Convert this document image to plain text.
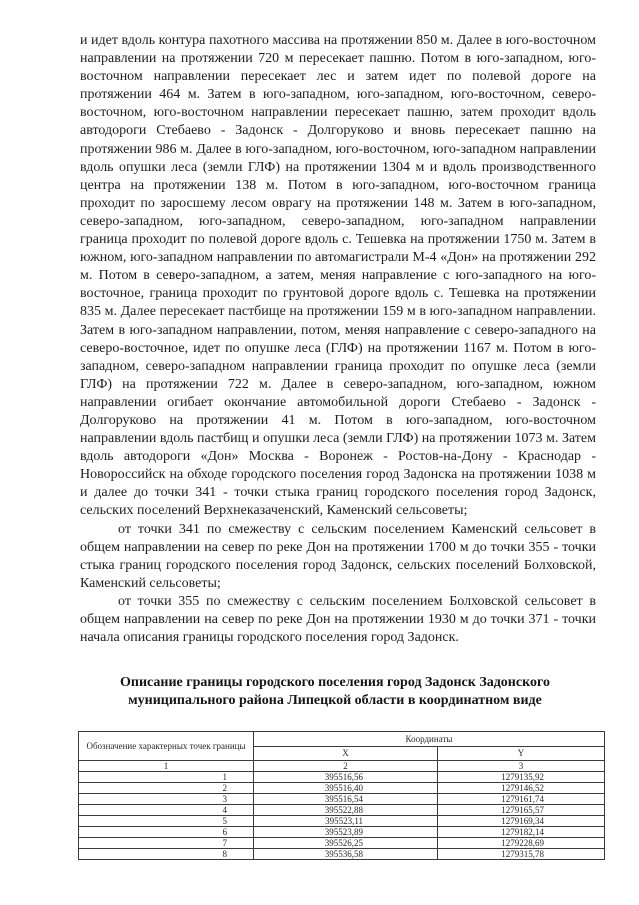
и идет вдоль контура пахотного массива на протяжении 850 м. Далее в юго-восточном направлении на протяжении 720 м пересекает пашню. Потом в юго-западном, юго-восточном направлении пересекает лес и затем идет по полевой дороге на протяжении 464 м. Затем в юго-западном, юго-западном, юго-восточном, северо-восточном, юго-восточном направлении пересекает пашню, затем проходит вдоль автодороги Стебаево - Задонск - Долгоруково и вновь пересекает пашню на протяжении 986 м. Далее в юго-западном, юго-восточном, юго-западном направлении вдоль опушки леса (земли ГЛФ) на протяжении 1304 м и вдоль производственного центра на протяжении 138 м. Потом в юго-западном, юго-восточном граница проходит по заросшему лесом оврагу на протяжении 148 м. Затем в юго-западном, северо-западном, юго-западном, северо-западном, юго-западном направлении граница проходит по полевой дороге вдоль с. Тешевка на протяжении 1750 м. Затем в южном, юго-западном направлении по автомагистрали М-4 «Дон» на протяжении 292 м. Потом в северо-западном, а затем, меняя направление с юго-западного на юго-восточное, граница проходит по грунтовой дороге вдоль с. Тешевка на протяжении 835 м. Далее пересекает пастбище на протяжении 159 м в юго-западном направлении. Затем в юго-западном направлении, потом, меняя направление с северо-западного на северо-восточное, идет по опушке леса (ГЛФ) на протяжении 1167 м. Потом в юго-западном, северо-западном направлении граница проходит по опушке леса (земли ГЛФ) на протяжении 722 м. Далее в северо-западном, юго-западном, южном направлении огибает окончание автомобильной дороги Стебаево - Задонск - Долгоруково на протяжении 41 м. Потом в юго-западном, юго-восточном направлении вдоль пастбищ и опушки леса (земли ГЛФ) на протяжении 1073 м. Затем вдоль автодороги «Дон» Москва - Воронеж - Ростов-на-Дону - Краснодар - Новороссийск на обходе городского поселения город Задонска на протяжении 1038 м и далее до точки 341 - точки стыка границ городского поселения город Задонск, сельских поселений Верхнеказаченский, Каменский сельсоветы;

от точки 341 по смежеству с сельским поселением Каменский сельсовет в общем направлении на север по реке Дон на протяжении 1700 м до точки 355 - точки стыка границ городского поселения город Задонск, сельских поселений Болховской, Каменский сельсоветы;

от точки 355 по смежеству с сельским поселением Болховской сельсовет в общем направлении на север по реке Дон на протяжении 1930 м до точки 371 - точки начала описания границы городского поселения город Задонск.

Описание границы городского поселения город Задонск Задонского
муниципального района Липецкой области в координатном виде
Обозначение характерных точек границы	Координаты	
	X	Y
1	2	3
1	395516,56	1279135,92
2	395516,40	1279146,52
3	395516,54	1279161,74
4	395522,88	1279165,57
5	395523,11	1279169,34
6	395523,89	1279182,14
7	395526,25	1279228,69
8	395536,58	1279315,78
